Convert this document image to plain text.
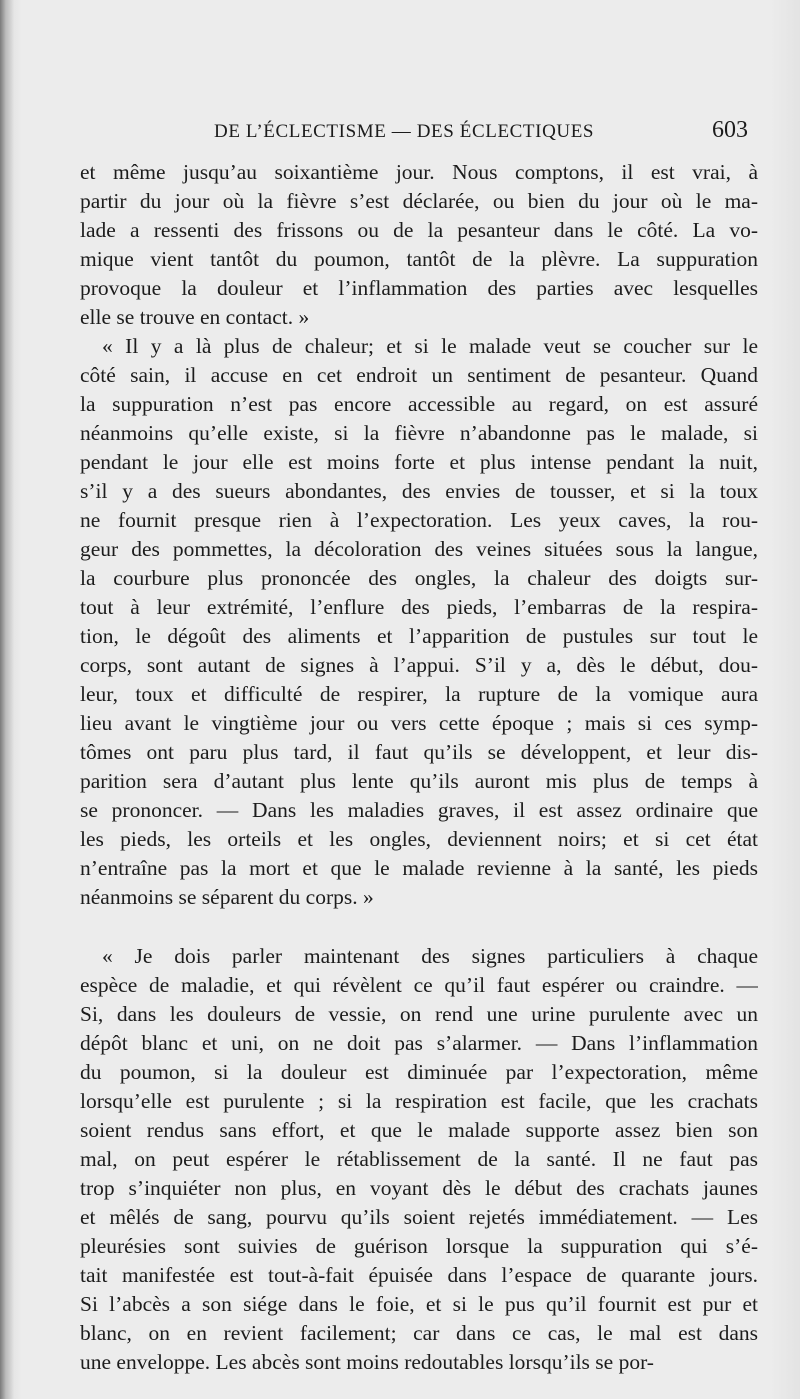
DE L’ÉCLECTISME — DES ÉCLECTIQUES	603
et même jusqu’au soixantième jour. Nous comptons, il est vrai, à
partir du jour où la fièvre s’est déclarée, ou bien du jour où le ma-
lade a ressenti des frissons ou de la pesanteur dans le côté. La vo-
mique vient tantôt du poumon, tantôt de la plèvre. La suppuration
provoque la douleur et l’inflammation des parties avec lesquelles
elle se trouve en contact. »
« Il y a là plus de chaleur; et si le malade veut se coucher sur le
côté sain, il accuse en cet endroit un sentiment de pesanteur. Quand
la suppuration n’est pas encore accessible au regard, on est assuré
néanmoins qu’elle existe, si la fièvre n’abandonne pas le malade, si
pendant le jour elle est moins forte et plus intense pendant la nuit,
s’il y a des sueurs abondantes, des envies de tousser, et si la toux
ne fournit presque rien à l’expectoration. Les yeux caves, la rou-
geur des pommettes, la décoloration des veines situées sous la langue,
la courbure plus prononcée des ongles, la chaleur des doigts sur-
tout à leur extrémité, l’enflure des pieds, l’embarras de la respira-
tion, le dégoût des aliments et l’apparition de pustules sur tout le
corps, sont autant de signes à l’appui. S’il y a, dès le début, dou-
leur, toux et difficulté de respirer, la rupture de la vomique aura
lieu avant le vingtième jour ou vers cette époque ; mais si ces symp-
tômes ont paru plus tard, il faut qu’ils se développent, et leur dis-
parition sera d’autant plus lente qu’ils auront mis plus de temps à
se prononcer. — Dans les maladies graves, il est assez ordinaire que
les pieds, les orteils et les ongles, deviennent noirs; et si cet état
n’entraîne pas la mort et que le malade revienne à la santé, les pieds
néanmoins se séparent du corps. »
« Je dois parler maintenant des signes particuliers à chaque
espèce de maladie, et qui révèlent ce qu’il faut espérer ou craindre. —
Si, dans les douleurs de vessie, on rend une urine purulente avec un
dépôt blanc et uni, on ne doit pas s’alarmer. — Dans l’inflammation
du poumon, si la douleur est diminuée par l’expectoration, même
lorsqu’elle est purulente ; si la respiration est facile, que les crachats
soient rendus sans effort, et que le malade supporte assez bien son
mal, on peut espérer le rétablissement de la santé. Il ne faut pas
trop s’inquiéter non plus, en voyant dès le début des crachats jaunes
et mêlés de sang, pourvu qu’ils soient rejetés immédiatement. — Les
pleurésies sont suivies de guérison lorsque la suppuration qui s’é-
tait manifestée est tout-à-fait épuisée dans l’espace de quarante jours.
Si l’abcès a son siége dans le foie, et si le pus qu’il fournit est pur et
blanc, on en revient facilement; car dans ce cas, le mal est dans
une enveloppe. Les abcès sont moins redoutables lorsqu’ils se por-
